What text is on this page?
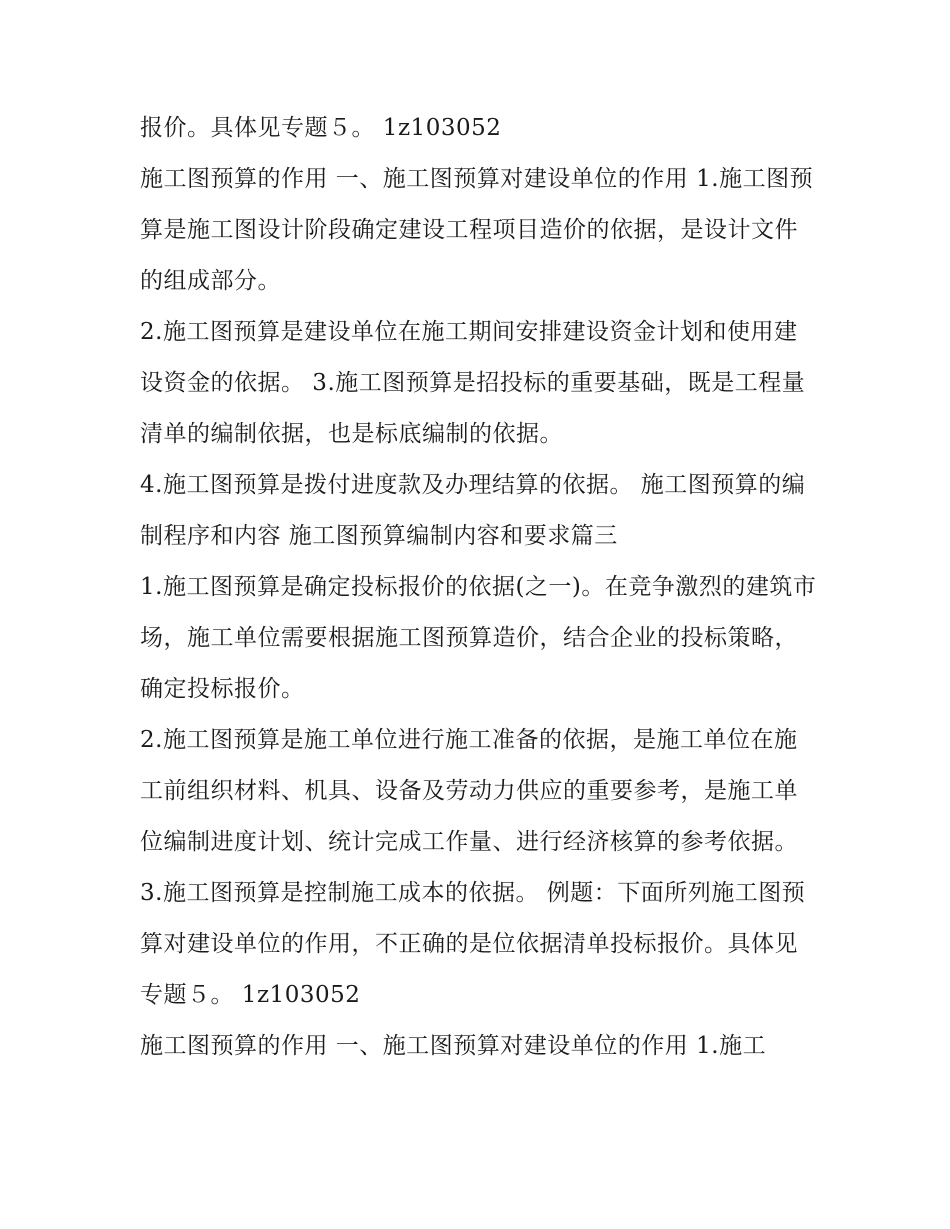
报价。具体见专题５。 1z103052

施工图预算的作用 一、施工图预算对建设单位的作用 1.施工图预算是施工图设计阶段确定建设工程项目造价的依据，是设计文件的组成部分。

2.施工图预算是建设单位在施工期间安排建设资金计划和使用建设资金的依据。 3.施工图预算是招投标的重要基础，既是工程量清单的编制依据，也是标底编制的依据。

4.施工图预算是拨付进度款及办理结算的依据。 施工图预算的编制程序和内容 施工图预算编制内容和要求篇三

1.施工图预算是确定投标报价的依据(之一)。在竞争激烈的建筑市场，施工单位需要根据施工图预算造价，结合企业的投标策略，确定投标报价。

2.施工图预算是施工单位进行施工准备的依据，是施工单位在施工前组织材料、机具、设备及劳动力供应的重要参考，是施工单位编制进度计划、统计完成工作量、进行经济核算的参考依据。

3.施工图预算是控制施工成本的依据。 例题：下面所列施工图预算对建设单位的作用，不正确的是位依据清单投标报价。具体见专题５。 1z103052

施工图预算的作用 一、施工图预算对建设单位的作用 1.施工
